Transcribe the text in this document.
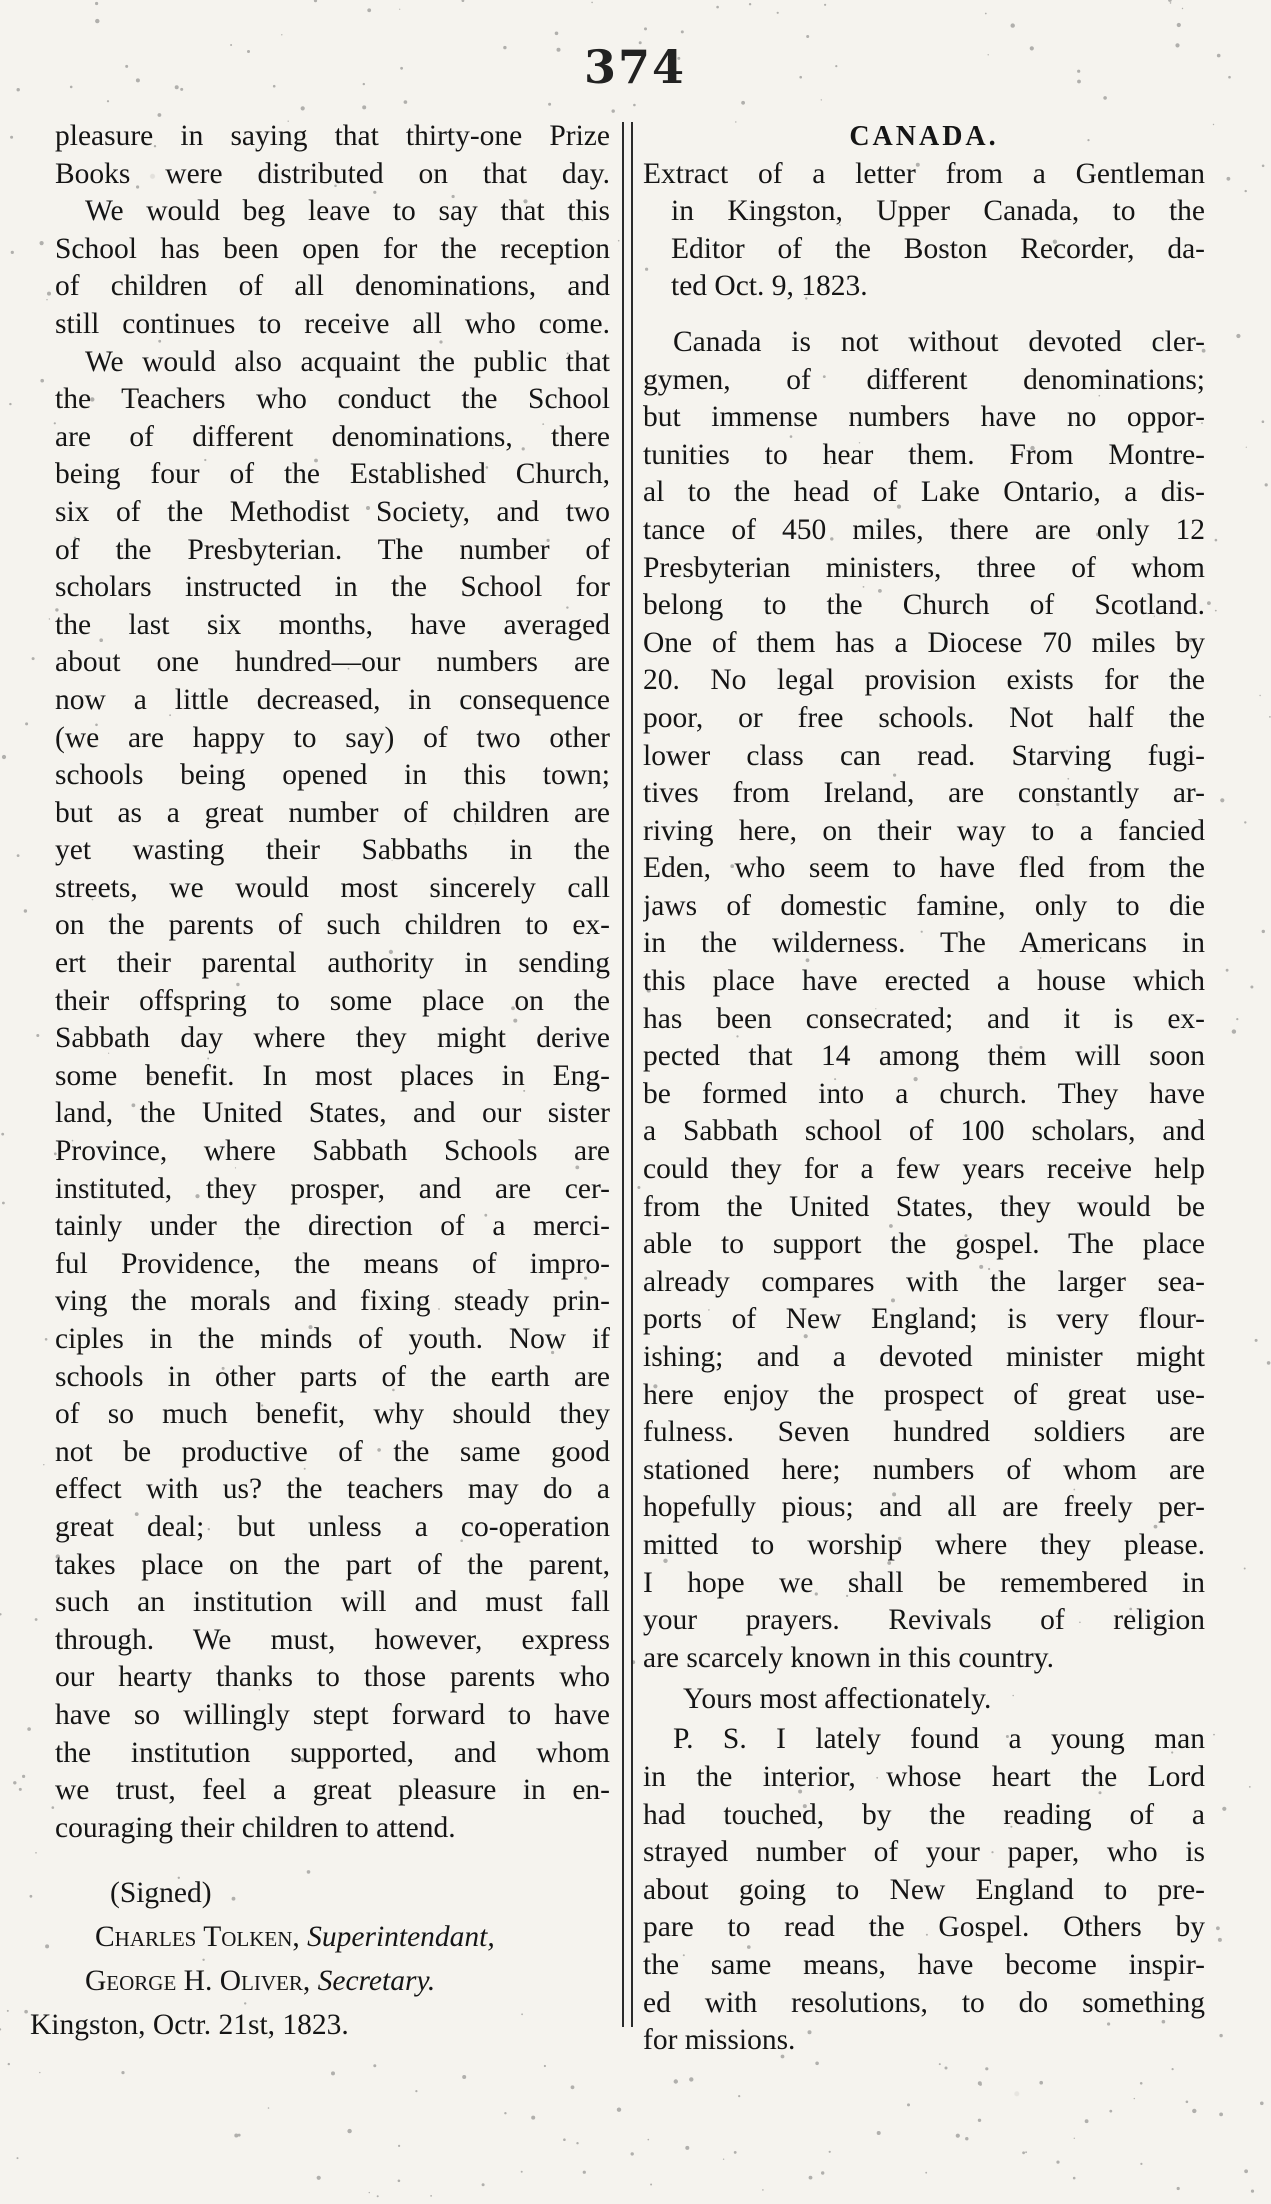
374
pleasure in saying that thirty-one Prize
Books were distributed on that day.
We would beg leave to say that this
School has been open for the reception
of children of all denominations, and
still continues to receive all who come.
We would also acquaint the public that
the Teachers who conduct the School
are of different denominations, there
being four of the Established Church,
six of the Methodist Society, and two
of the Presbyterian. The number of
scholars instructed in the School for
the last six months, have averaged
about one hundred—our numbers are
now a little decreased, in consequence
(we are happy to say) of two other
schools being opened in this town;
but as a great number of children are
yet wasting their Sabbaths in the
streets, we would most sincerely call
on the parents of such children to ex-
ert their parental authority in sending
their offspring to some place on the
Sabbath day where they might derive
some benefit. In most places in Eng-
land, the United States, and our sister
Province, where Sabbath Schools are
instituted, they prosper, and are cer-
tainly under the direction of a merci-
ful Providence, the means of impro-
ving the morals and fixing steady prin-
ciples in the minds of youth. Now if
schools in other parts of the earth are
of so much benefit, why should they
not be productive of the same good
effect with us? the teachers may do a
great deal; but unless a co-operation
takes place on the part of the parent,
such an institution will and must fall
through. We must, however, express
our hearty thanks to those parents who
have so willingly stept forward to have
the institution supported, and whom
we trust, feel a great pleasure in en-
couraging their children to attend.
(Signed)
Charles Tolken, Superintendant,
George H. Oliver, Secretary.
Kingston, Octr. 21st, 1823.
CANADA.
Extract of a letter from a Gentleman
in Kingston, Upper Canada, to the
Editor of the Boston Recorder, da-
ted Oct. 9, 1823.
Canada is not without devoted cler-
gymen, of different denominations;
but immense numbers have no oppor-
tunities to hear them. From Montre-
al to the head of Lake Ontario, a dis-
tance of 450 miles, there are only 12
Presbyterian ministers, three of whom
belong to the Church of Scotland.
One of them has a Diocese 70 miles by
20. No legal provision exists for the
poor, or free schools. Not half the
lower class can read. Starving fugi-
tives from Ireland, are constantly ar-
riving here, on their way to a fancied
Eden, who seem to have fled from the
jaws of domestic famine, only to die
in the wilderness. The Americans in
this place have erected a house which
has been consecrated; and it is ex-
pected that 14 among them will soon
be formed into a church. They have
a Sabbath school of 100 scholars, and
could they for a few years receive help
from the United States, they would be
able to support the gospel. The place
already compares with the larger sea-
ports of New England; is very flour-
ishing; and a devoted minister might
here enjoy the prospect of great use-
fulness. Seven hundred soldiers are
stationed here; numbers of whom are
hopefully pious; and all are freely per-
mitted to worship where they please.
I hope we shall be remembered in
your prayers. Revivals of religion
are scarcely known in this country.
Yours most affectionately.
P. S. I lately found a young man
in the interior, whose heart the Lord
had touched, by the reading of a
strayed number of your paper, who is
about going to New England to pre-
pare to read the Gospel. Others by
the same means, have become inspir-
ed with resolutions, to do something
for missions.
